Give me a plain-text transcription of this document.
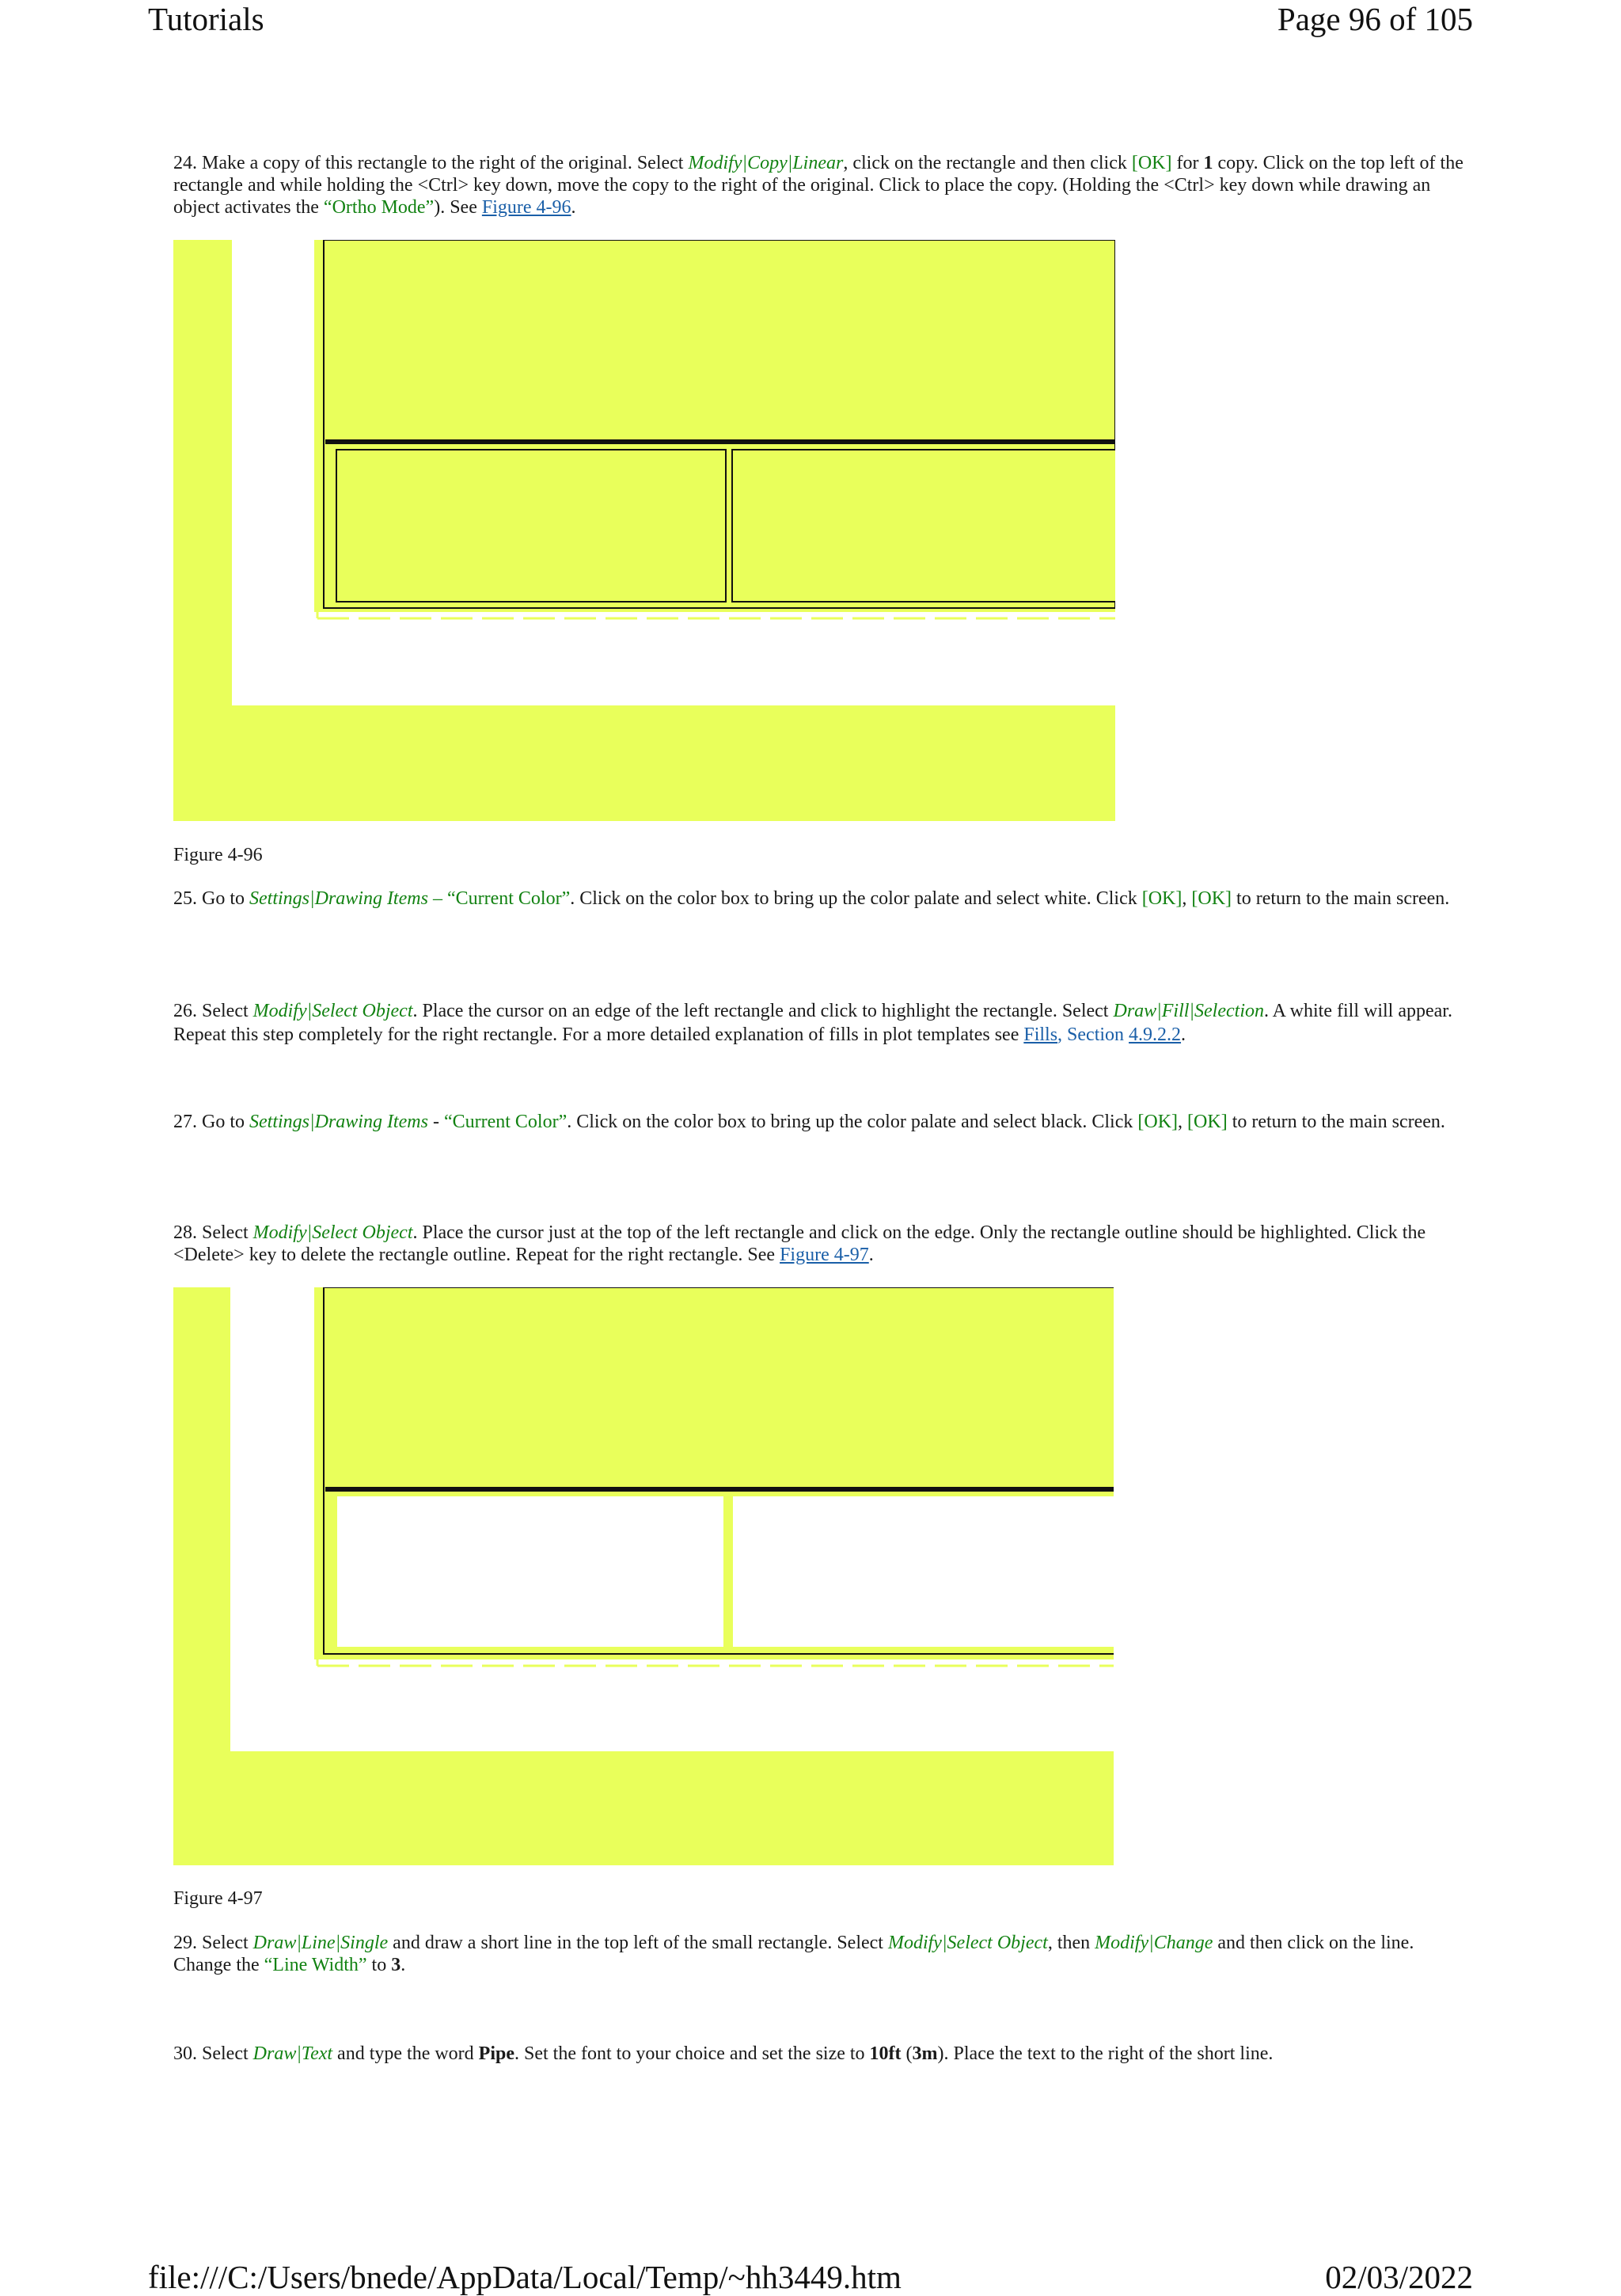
Tutorials	Page 96 of 105
24. Make a copy of this rectangle to the right of the original. Select Modify|Copy|Linear, click on the rectangle and then click [OK] for 1 copy. Click on the top left of the rectangle and while holding the <Ctrl> key down, move the copy to the right of the original. Click to place the copy. (Holding the <Ctrl> key down while drawing an object activates the “Ortho Mode”). See Figure 4-96.
Figure 4-96
25. Go to Settings|Drawing Items – “Current Color”. Click on the color box to bring up the color palate and select white. Click [OK], [OK] to return to the main screen.
26. Select Modify|Select Object. Place the cursor on an edge of the left rectangle and click to highlight the rectangle. Select Draw|Fill|Selection. A white fill will appear. Repeat this step completely for the right rectangle. For a more detailed explanation of fills in plot templates see Fills, Section 4.9.2.2.
27. Go to Settings|Drawing Items - “Current Color”. Click on the color box to bring up the color palate and select black. Click [OK], [OK] to return to the main screen.
28. Select Modify|Select Object. Place the cursor just at the top of the left rectangle and click on the edge. Only the rectangle outline should be highlighted. Click the <Delete> key to delete the rectangle outline. Repeat for the right rectangle. See Figure 4-97.
Figure 4-97
29. Select Draw|Line|Single and draw a short line in the top left of the small rectangle. Select Modify|Select Object, then Modify|Change and then click on the line. Change the “Line Width” to 3.
30. Select Draw|Text and type the word Pipe. Set the font to your choice and set the size to 10ft (3m). Place the text to the right of the short line.
file:///C:/Users/bnede/AppData/Local/Temp/~hh3449.htm	02/03/2022
